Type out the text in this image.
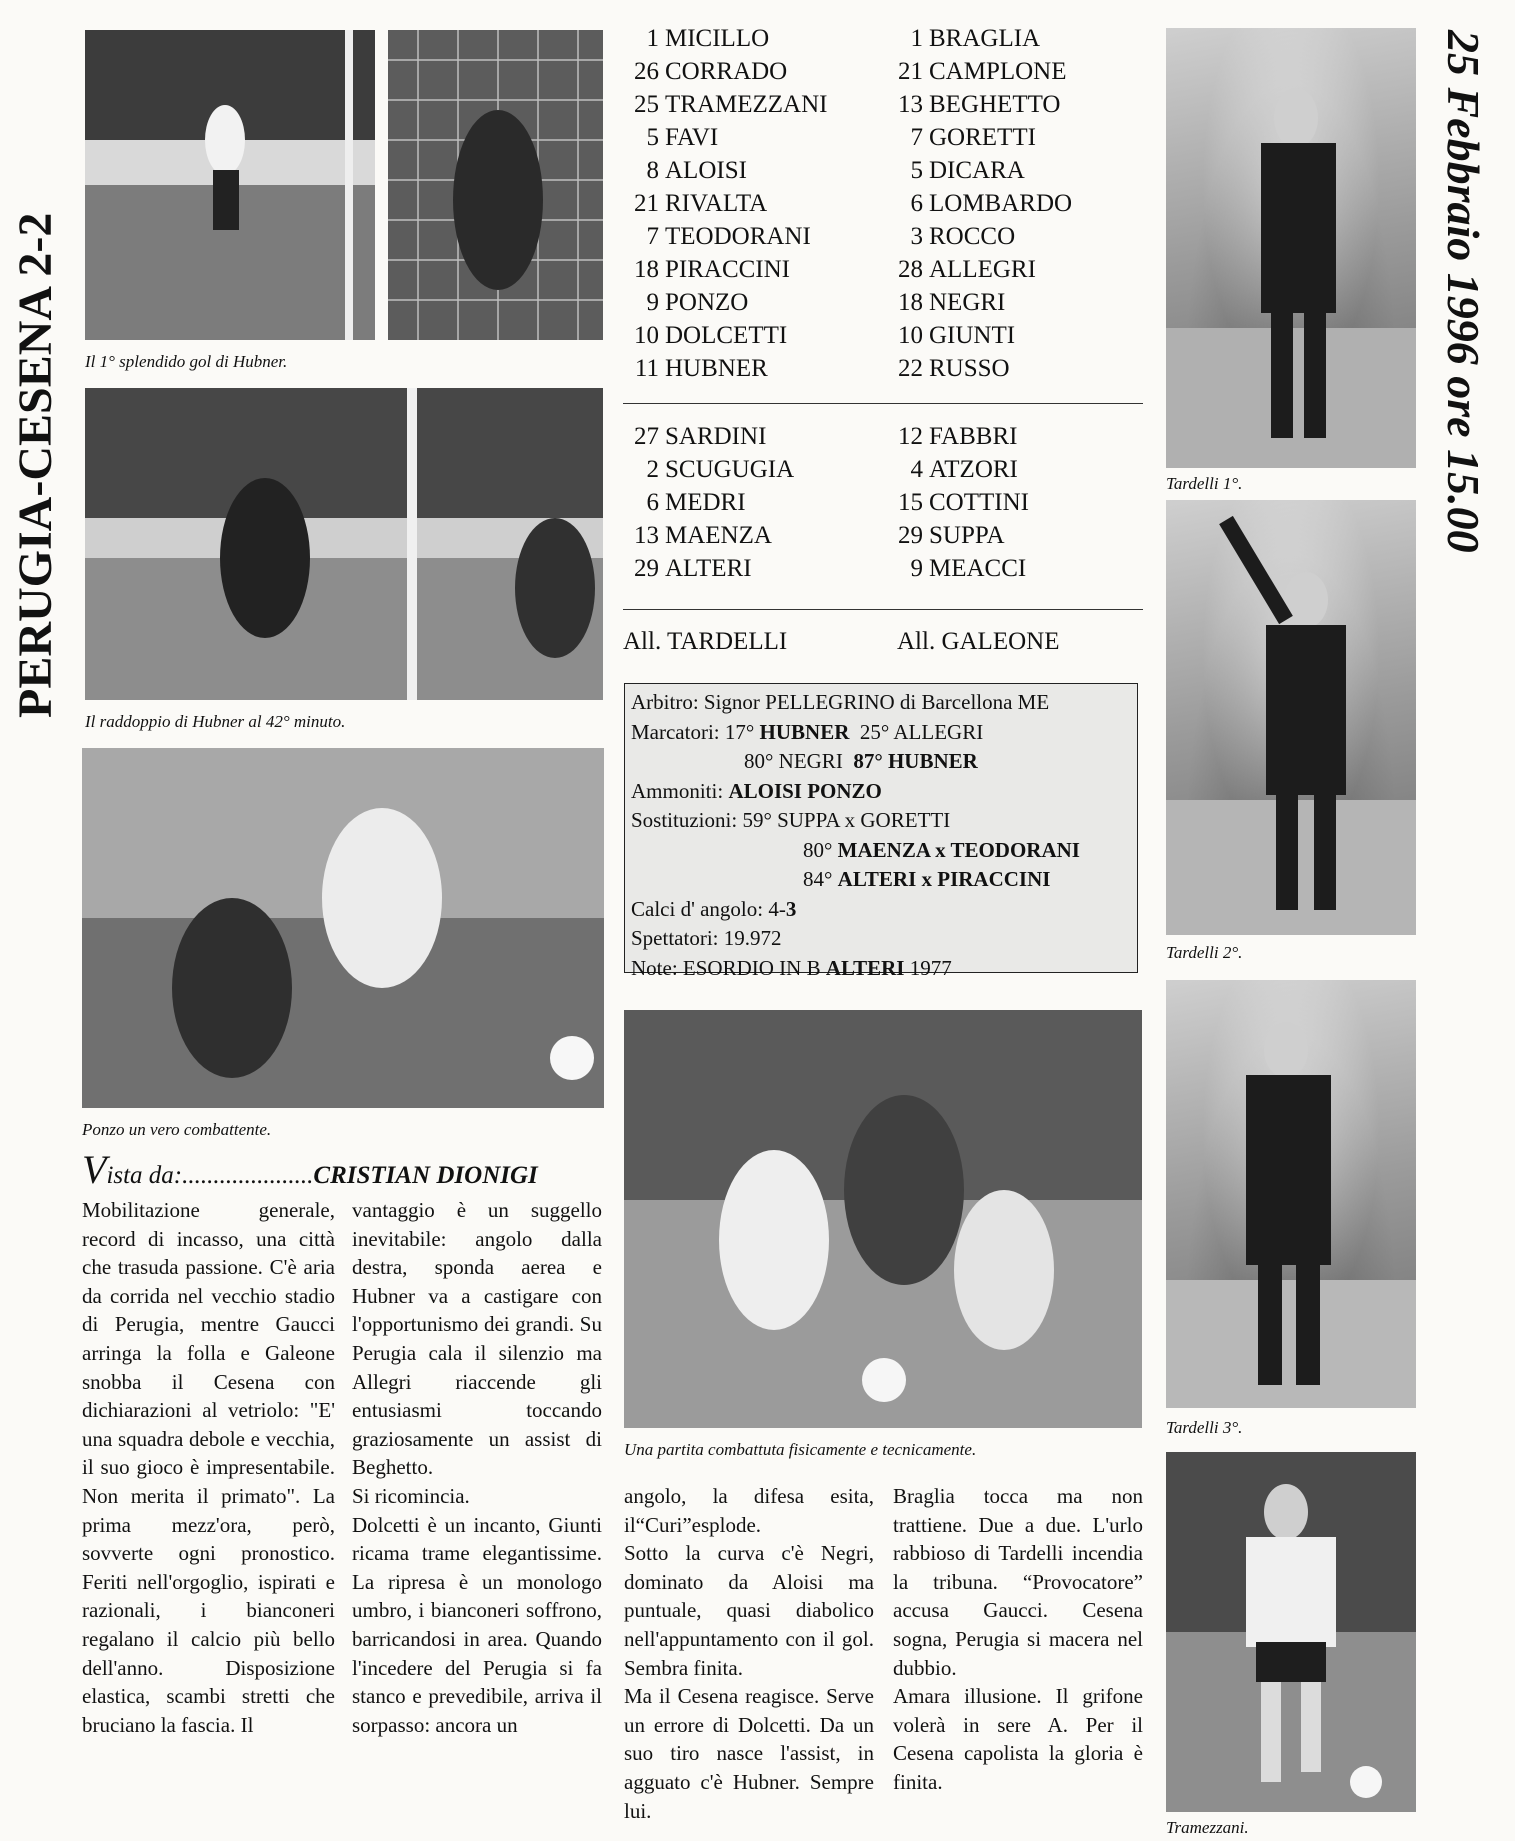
PERUGIA-CESENA 2-2	25 Febbraio 1996 ore 15.00
Il 1° splendido gol di Hubner.
Il raddoppio di Hubner al 42° minuto.
Ponzo un vero combattente.
1 MICILLO
26 CORRADO
25 TRAMEZZANI
5 FAVI
8 ALOISI
21 RIVALTA
7 TEODORANI
18 PIRACCINI
9 PONZO
10 DOLCETTI
11 HUBNER
1 BRAGLIA
21 CAMPLONE
13 BEGHETTO
7 GORETTI
5 DICARA
6 LOMBARDO
3 ROCCO
28 ALLEGRI
18 NEGRI
10 GIUNTI
22 RUSSO
27 SARDINI
2 SCUGUGIA
6 MEDRI
13 MAENZA
29 ALTERI
12 FABBRI
4 ATZORI
15 COTTINI
29 SUPPA
9 MEACCI
All. TARDELLI	All. GALEONE
Arbitro: Signor PELLEGRINO di Barcellona ME
Marcatori: 17° HUBNER 25° ALLEGRI
80° NEGRI 87° HUBNER
Ammoniti: ALOISI PONZO
Sostituzioni: 59° SUPPA x GORETTI
80° MAENZA x TEODORANI
84° ALTERI x PIRACCINI
Calci d' angolo: 4-3
Spettatori: 19.972
Note: ESORDIO IN B ALTERI 1977
Una partita combattuta fisicamente e tecnicamente.
Tardelli 1°.
Tardelli 2°.
Tardelli 3°.
Tramezzani.
Vista da:.....................CRISTIAN DIONIGI

Mobilitazione generale, record di incasso, una città che trasuda passione. C'è aria da corrida nel vecchio stadio di Perugia, mentre Gaucci arringa la folla e Galeone snobba il Cesena con dichiarazioni al vetriolo: "E' una squadra debole e vecchia, il suo gioco è impresentabile. Non merita il primato". La prima mezz'ora, però, sovverte ogni pronostico. Feriti nell'orgoglio, ispirati e razionali, i bianconeri regalano il calcio più bello dell'anno. Disposizione elastica, scambi stretti che bruciano la fascia. Il

vantaggio è un suggello inevitabile: angolo dalla destra, sponda aerea e Hubner va a castigare con l'opportunismo dei grandi. Su Perugia cala il silenzio ma Allegri riaccende gli entusiasmi toccando graziosamente un assist di Beghetto.

Si ricomincia.

Dolcetti è un incanto, Giunti ricama trame elegantissime. La ripresa è un monologo umbro, i bianconeri soffrono, barricandosi in area. Quando l'incedere del Perugia si fa stanco e prevedibile, arriva il sorpasso: ancora un

angolo, la difesa esita, il“Curi”esplode.

Sotto la curva c'è Negri, dominato da Aloisi ma puntuale, quasi diabolico nell'appuntamento con il gol. Sembra finita.

Ma il Cesena reagisce. Serve un errore di Dolcetti. Da un suo tiro nasce l'assist, in agguato c'è Hubner. Sempre lui.

Braglia tocca ma non trattiene. Due a due. L'urlo rabbioso di Tardelli incendia la tribuna. “Provocatore” accusa Gaucci. Cesena sogna, Perugia si macera nel dubbio.

Amara illusione. Il grifone volerà in sere A. Per il Cesena capolista la gloria è finita.
